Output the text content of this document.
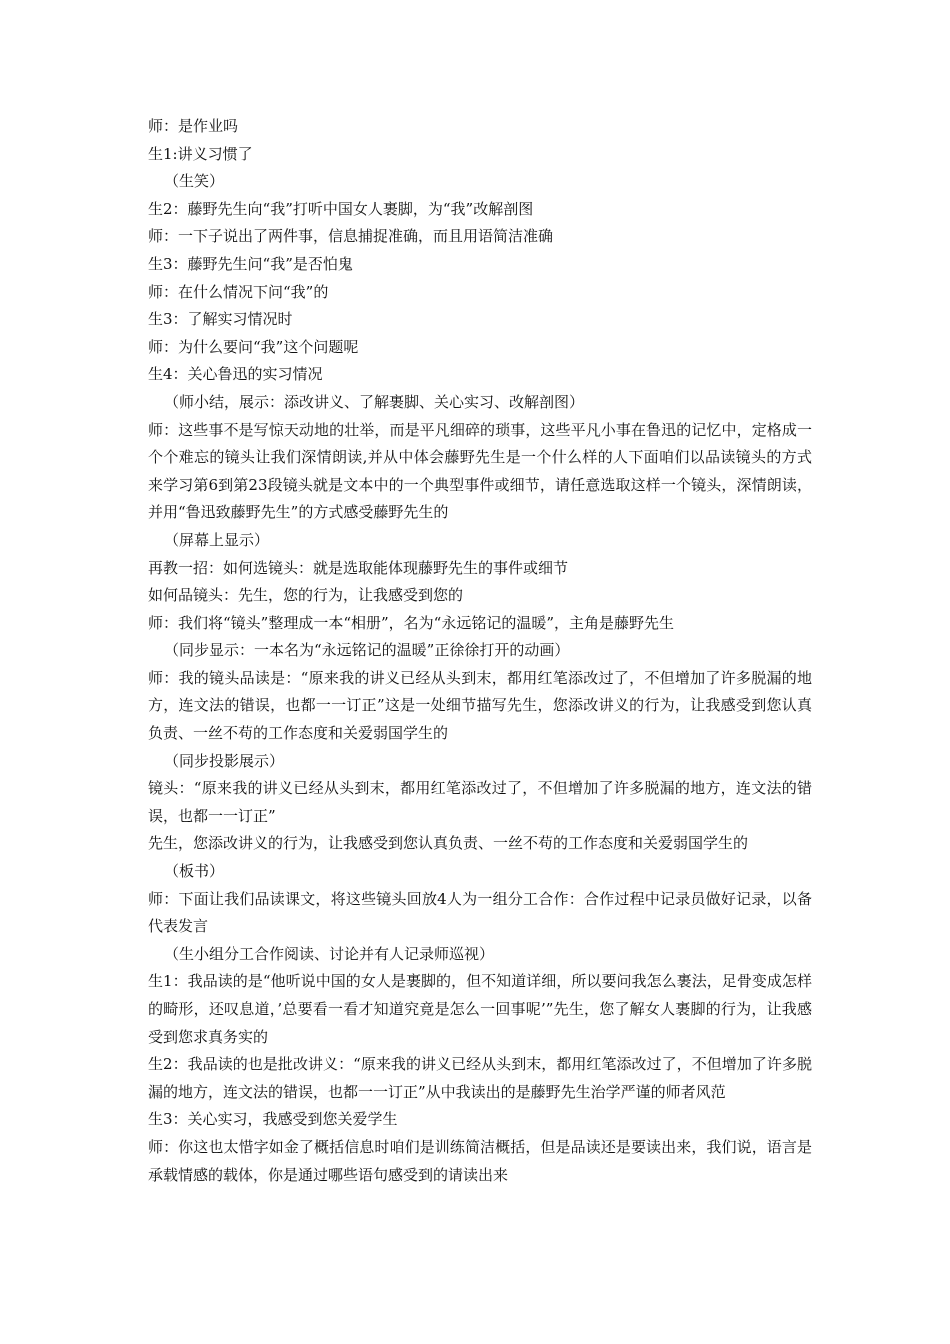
师：是作业吗

生1:讲义习惯了

（生笑）

生2：藤野先生向“我”打听中国女人裹脚，为“我”改解剖图

师：一下子说出了两件事，信息捕捉准确，而且用语简洁准确

生3：藤野先生问“我”是否怕鬼

师：在什么情况下问“我”的

生3：了解实习情况时

师：为什么要问“我”这个问题呢

生4：关心鲁迅的实习情况

（师小结，展示：添改讲义、了解裹脚、关心实习、改解剖图）

师：这些事不是写惊天动地的壮举，而是平凡细碎的琐事，这些平凡小事在鲁迅的记忆中，定格成一个个难忘的镜头让我们深情朗读,并从中体会藤野先生是一个什么样的人下面咱们以品读镜头的方式来学习第6到第23段镜头就是文本中的一个典型事件或细节，请任意选取这样一个镜头，深情朗读，并用“鲁迅致藤野先生”的方式感受藤野先生的

（屏幕上显示）

再教一招：如何选镜头：就是选取能体现藤野先生的事件或细节

如何品镜头：先生，您的行为，让我感受到您的

师：我们将“镜头”整理成一本“相册”，名为“永远铭记的温暖”，主角是藤野先生

（同步显示：一本名为“永远铭记的温暖”正徐徐打开的动画）

师：我的镜头品读是：“原来我的讲义已经从头到末，都用红笔添改过了，不但增加了许多脱漏的地方，连文法的错误，也都一一订正”这是一处细节描写先生，您添改讲义的行为，让我感受到您认真负责、一丝不苟的工作态度和关爱弱国学生的

（同步投影展示）

镜头：“原来我的讲义已经从头到末，都用红笔添改过了，不但增加了许多脱漏的地方，连文法的错误，也都一一订正”

先生，您添改讲义的行为，让我感受到您认真负责、一丝不苟的工作态度和关爱弱国学生的

（板书）

师：下面让我们品读课文，将这些镜头回放4人为一组分工合作：合作过程中记录员做好记录，以备代表发言

（生小组分工合作阅读、讨论并有人记录师巡视）

生1：我品读的是“他听说中国的女人是裹脚的，但不知道详细，所以要问我怎么裹法，足骨变成怎样的畸形，还叹息道，’总要看一看才知道究竟是怎么一回事呢’”先生，您了解女人裹脚的行为，让我感受到您求真务实的

生2：我品读的也是批改讲义：“原来我的讲义已经从头到末，都用红笔添改过了，不但增加了许多脱漏的地方，连文法的错误，也都一一订正”从中我读出的是藤野先生治学严谨的师者风范

生3：关心实习，我感受到您关爱学生

师：你这也太惜字如金了概括信息时咱们是训练简洁概括，但是品读还是要读出来，我们说，语言是承载情感的载体，你是通过哪些语句感受到的请读出来
